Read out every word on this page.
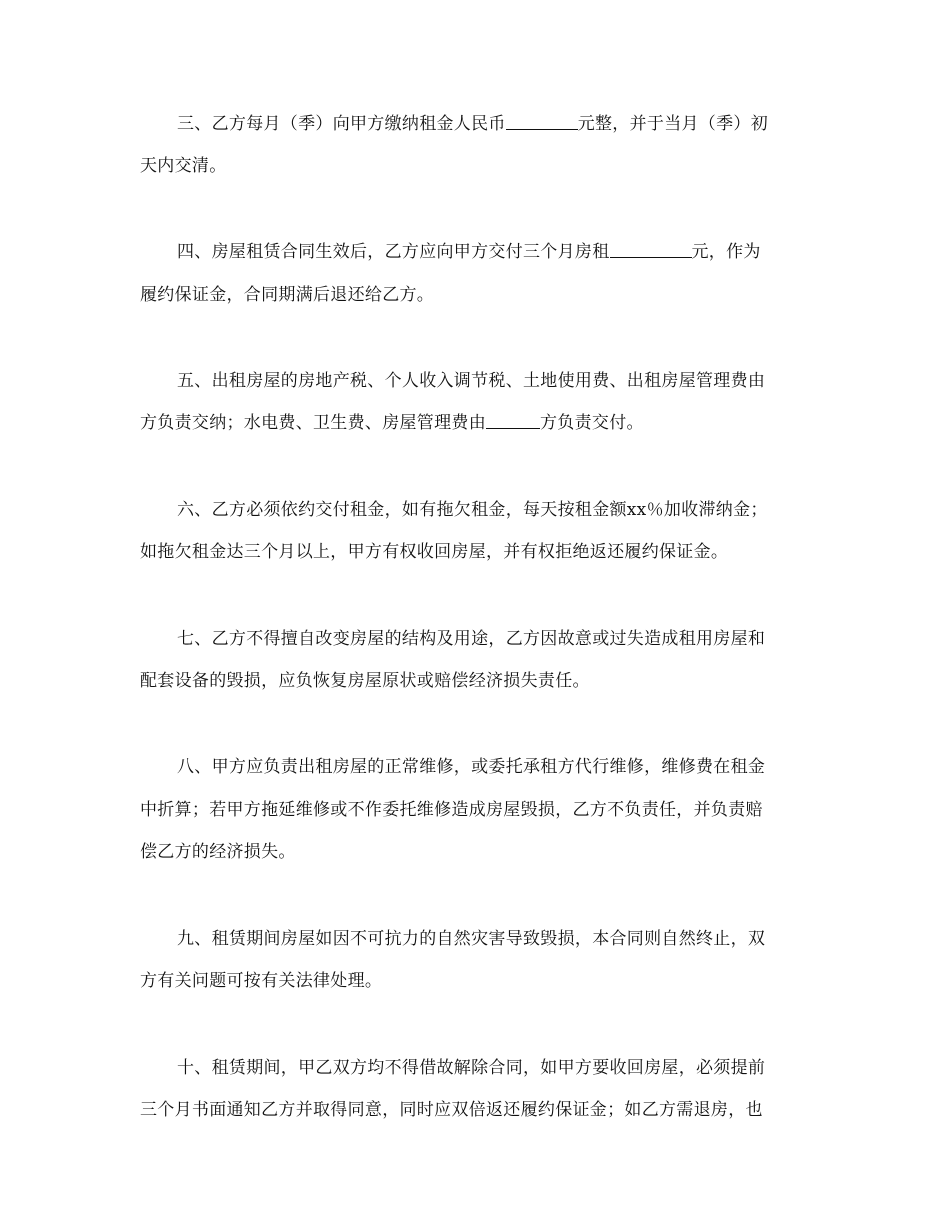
三、乙方每月（季）向甲方缴纳租金人民币	元整，并于当月（季）初
天内交清。
四、房屋租赁合同生效后，乙方应向甲方交付三个月房租	元，作为
履约保证金，合同期满后退还给乙方。
五、出租房屋的房地产税、个人收入调节税、土地使用费、出租房屋管理费由
方负责交纳；水电费、卫生费、房屋管理费由	方负责交付。
六、乙方必须依约交付租金，如有拖欠租金，每天按租金额xx％加收滞纳金；
如拖欠租金达三个月以上，甲方有权收回房屋，并有权拒绝返还履约保证金。
七、乙方不得擅自改变房屋的结构及用途，乙方因故意或过失造成租用房屋和
配套设备的毁损，应负恢复房屋原状或赔偿经济损失责任。
八、甲方应负责出租房屋的正常维修，或委托承租方代行维修，维修费在租金
中折算；若甲方拖延维修或不作委托维修造成房屋毁损，乙方不负责任，并负责赔
偿乙方的经济损失。
九、租赁期间房屋如因不可抗力的自然灾害导致毁损，本合同则自然终止，双
方有关问题可按有关法律处理。
十、租赁期间，甲乙双方均不得借故解除合同，如甲方要收回房屋，必须提前
三个月书面通知乙方并取得同意，同时应双倍返还履约保证金；如乙方需退房，也
